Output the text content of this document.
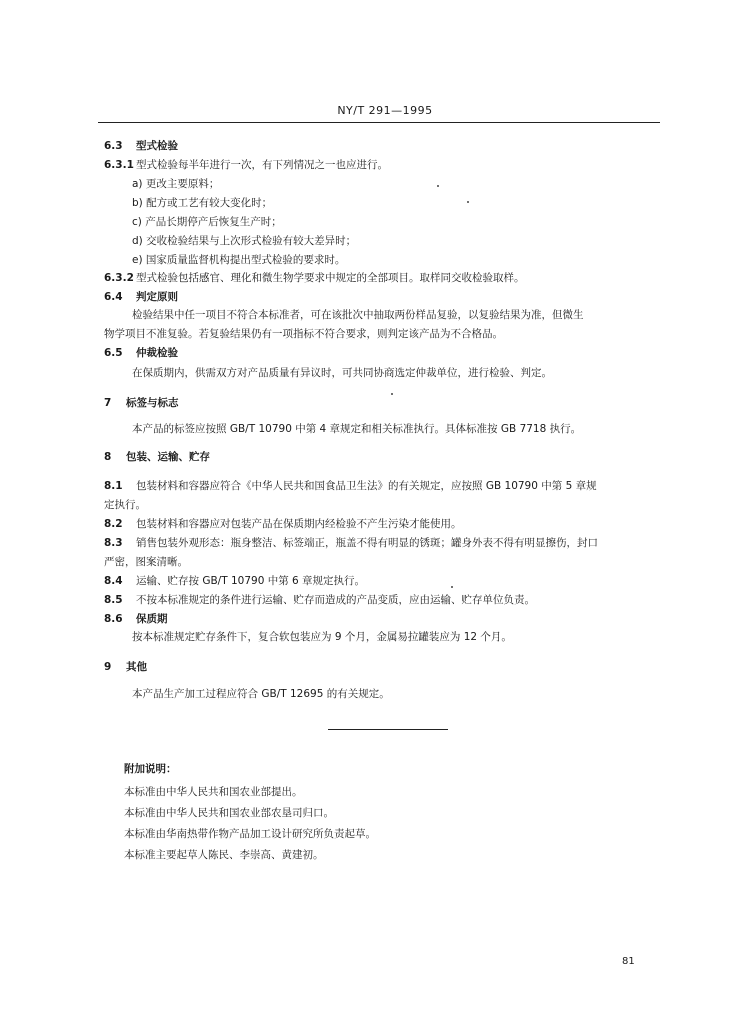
NY/T 291—1995
6.3 型式检验
6.3.1 型式检验每半年进行一次，有下列情况之一也应进行。
a) 更改主要原料；
b) 配方或工艺有较大变化时；
c) 产品长期停产后恢复生产时；
d) 交收检验结果与上次形式检验有较大差异时；
e) 国家质量监督机构提出型式检验的要求时。
6.3.2 型式检验包括感官、理化和微生物学要求中规定的全部项目。取样同交收检验取样。
6.4 判定原则
检验结果中任一项目不符合本标准者，可在该批次中抽取两份样品复验，以复验结果为准，但微生
物学项目不准复验。若复验结果仍有一项指标不符合要求，则判定该产品为不合格品。
6.5 仲裁检验
在保质期内，供需双方对产品质量有异议时，可共同协商选定仲裁单位，进行检验、判定。
7 标签与标志
本产品的标签应按照 GB/T 10790 中第 4 章规定和相关标准执行。具体标准按 GB 7718 执行。
8 包装、运输、贮存
8.1 包装材料和容器应符合《中华人民共和国食品卫生法》的有关规定，应按照 GB 10790 中第 5 章规
定执行。
8.2 包装材料和容器应对包装产品在保质期内经检验不产生污染才能使用。
8.3 销售包装外观形态：瓶身整洁、标签端正，瓶盖不得有明显的锈斑；罐身外表不得有明显擦伤，封口
严密，图案清晰。
8.4 运输、贮存按 GB/T 10790 中第 6 章规定执行。
8.5 不按本标准规定的条件进行运输、贮存而造成的产品变质，应由运输、贮存单位负责。
8.6 保质期
按本标准规定贮存条件下，复合软包装应为 9 个月，金属易拉罐装应为 12 个月。
9 其他
本产品生产加工过程应符合 GB/T 12695 的有关规定。
附加说明：
本标准由中华人民共和国农业部提出。
本标准由中华人民共和国农业部农垦司归口。
本标准由华南热带作物产品加工设计研究所负责起草。
本标准主要起草人陈民、李崇高、黄建初。
81
